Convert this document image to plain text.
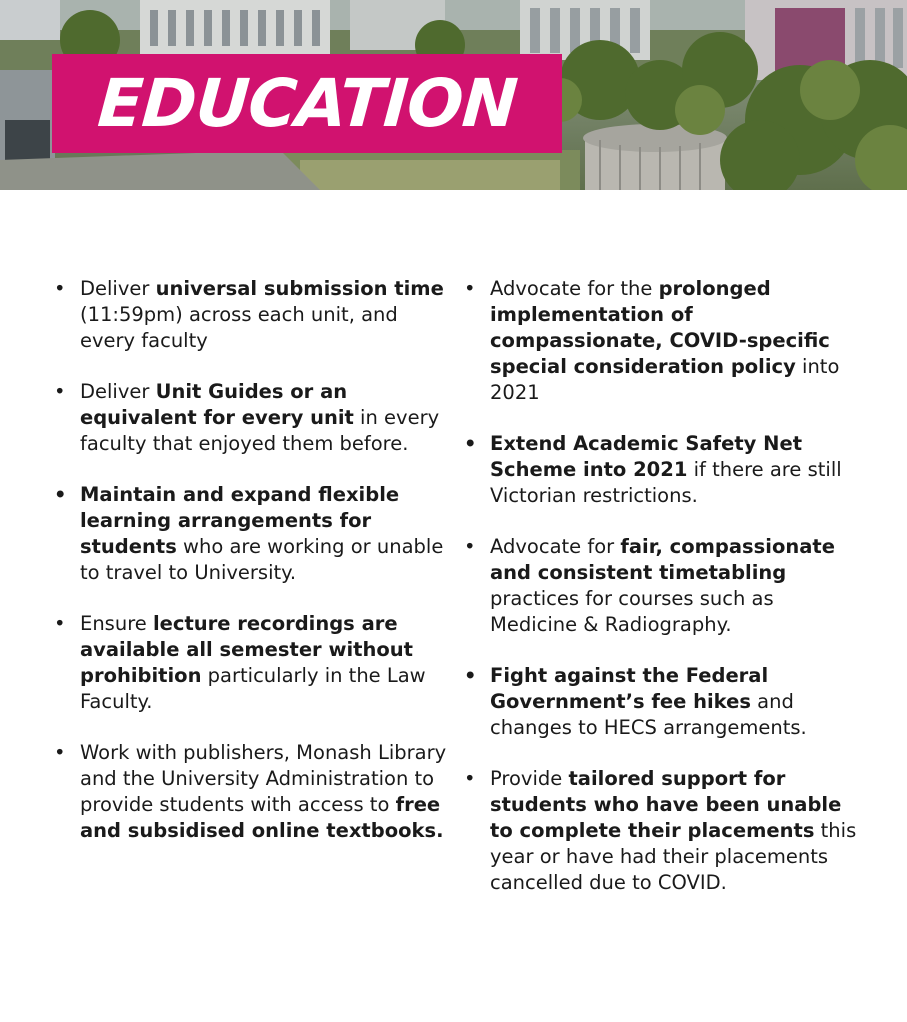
EDUCATION
• Deliver universal submission time (11:59pm) across each unit, and every faculty
• Deliver Unit Guides or an equivalent for every unit in every faculty that enjoyed them before.
• Maintain and expand flexible learning arrangements for students who are working or unable to travel to University.
• Ensure lecture recordings are available all semester without prohibition particularly in the Law Faculty.
• Work with publishers, Monash Library and the University Administration to provide students with access to free and subsidised online textbooks.
• Advocate for the prolonged implementation of compassionate, COVID-specific special consideration policy into 2021
• Extend Academic Safety Net Scheme into 2021 if there are still Victorian restrictions.
• Advocate for fair, compassionate and consistent timetabling practices for courses such as Medicine & Radiography.
• Fight against the Federal Government’s fee hikes and changes to HECS arrangements.
• Provide tailored support for students who have been unable to complete their placements this year or have had their placements cancelled due to COVID.
